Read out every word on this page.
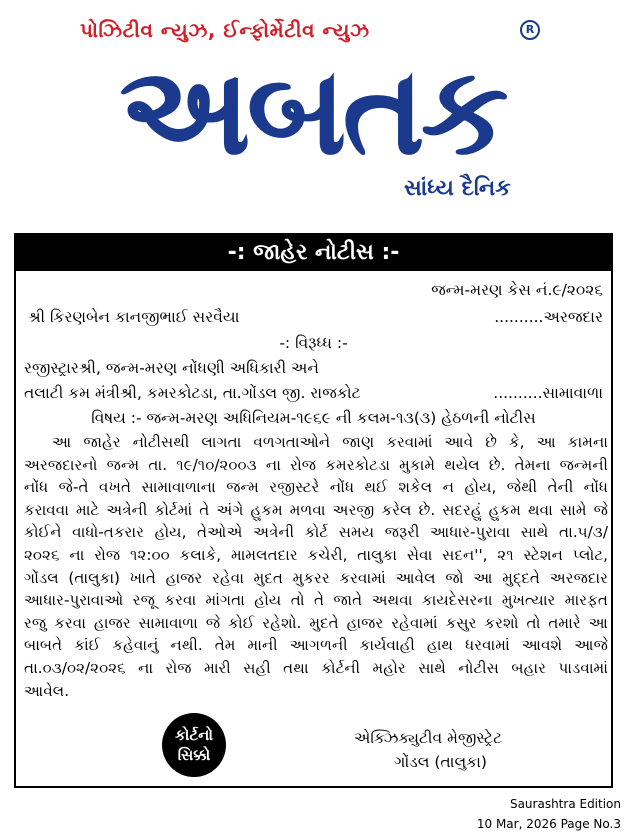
પોઝિટીવ ન્યુઝ, ઈન્ફોર્મેટીવ ન્યુઝ	R
અબતક
સાંધ્ય દૈનિક
-: જાહેર નોટીસ :-
જન્મ-મરણ કેસ નં.૯/૨૦૨૬
શ્રી કિરણબેન કાનજીભાઈ સરવૈયા	..........અરજદાર
-: વિરૂધ્ધ :-
રજીસ્ટ્રારશ્રી, જન્મ-મરણ નોંધણી અધિકારી અને
તલાટી કમ મંત્રીશ્રી, કમરકોટડા, તા.ગોંડલ જી. રાજકોટ	..........સામાવાળા
વિષય :- જન્મ-મરણ અધિનિયમ-૧૯૬૯ ની કલમ-૧૩(૩) હેઠળની નોટીસ
આ જાહેર નોટીસથી લાગતા વળગતાઓને જાણ કરવામાં આવે છે કે, આ કામના
અરજદારનો જન્મ તા. ૧૯/૧૦/૨૦૦૩ ના રોજ કમરકોટડા મુકામે થયેલ છે. તેમના જન્મની
નોંધ જે-તે વખતે સામાવાળાના જન્મ રજીસ્ટરે નોંધ થઈ શકેલ ન હોય, જેથી તેની નોંધ
કરાવવા માટે અત્રેની કોર્ટમાં તે અંગે હુકમ મળવા અરજી કરેલ છે. સદરહું હુકમ થવા સામે જે
કોઈને વાધો-તકરાર હોય, તેઓએ અત્રેની કોર્ટ સમય જરૂરી આધાર-પુરાવા સાથે તા.૫/૩/
૨૦૨૬ ના રોજ ૧૨:૦૦ કલાકે, મામલતદાર કચેરી, તાલુકા સેવા સદન'', ૨૧ સ્ટેશન પ્લોટ,
ગોંડલ (તાલુકા) ખાતે હાજર રહેવા મુદત મુકરર કરવામાં આવેલ જો આ મુદ્દતે અરજદાર
આધાર-પુરાવાઓ રજૂ કરવા માંગતા હોય તો તે જાતે અથવા કાયદેસરના મુખત્યાર મારફત
રજુ કરવા હાજર સામાવાળા જે કોઈ રહેશો. મુદતે હાજર રહેવામાં કસુર કરશો તો તમારે આ
બાબતે કાંઈ કહેવાનું નથી. તેમ માની આગળની કાર્યવાહી હાથ ધરવામાં આવશે આજે
તા.૦૩/૦૨/૨૦૨૬ ના રોજ મારી સહી તથા કોર્ટની મહોર સાથે નોટીસ બહાર પાડવામાં
આવેલ.
કોર્ટનો
સિક્કો
એક્ઝિક્યુટીવ મેજીસ્ટ્રેટ
ગોંડલ (તાલુકા)
Saurashtra Edition
10 Mar, 2026 Page No.3
